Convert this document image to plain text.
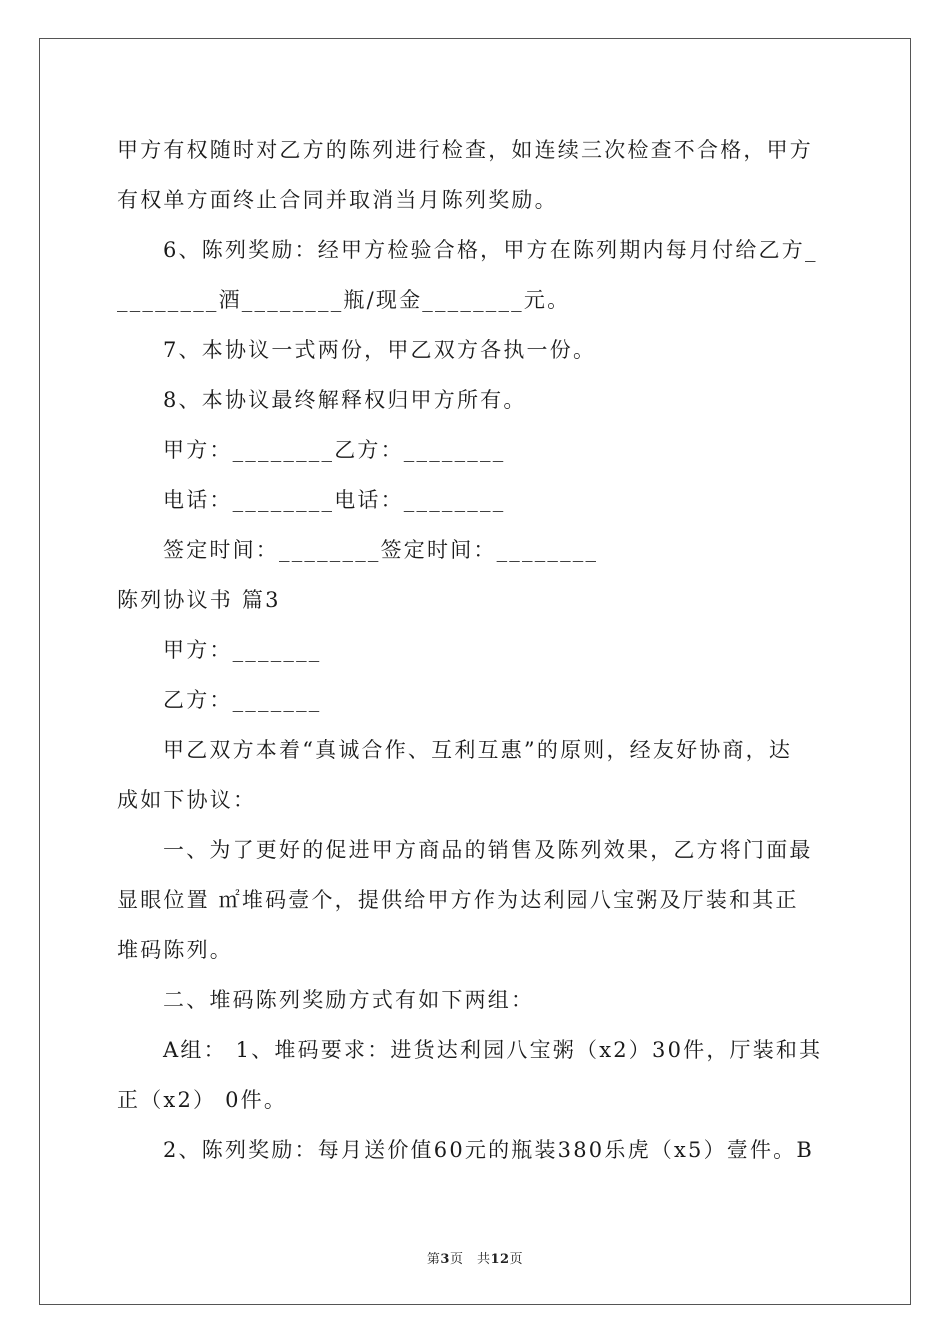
甲方有权随时对乙方的陈列进行检查，如连续三次检查不合格，甲方
有权单方面终止合同并取消当月陈列奖励。
6、陈列奖励：经甲方检验合格，甲方在陈列期内每月付给乙方_
________酒________瓶/现金________元。
7、本协议一式两份，甲乙双方各执一份。
8、本协议最终解释权归甲方所有。
甲方：________乙方：________
电话：________电话：________
签定时间：________签定时间：________
陈列协议书 篇3
甲方：_______
乙方：_______
甲乙双方本着“真诚合作、互利互惠”的原则，经友好协商，达
成如下协议：
一、为了更好的促进甲方商品的销售及陈列效果，乙方将门面最
显眼位置 ㎡堆码壹个，提供给甲方作为达利园八宝粥及厅装和其正
堆码陈列。
二、堆码陈列奖励方式有如下两组：
A组： 1、堆码要求：进货达利园八宝粥（x2）30件，厅装和其
正（x2） 0件。
2、陈列奖励：每月送价值60元的瓶装380乐虎（x5）壹件。B
第3页　共12页
